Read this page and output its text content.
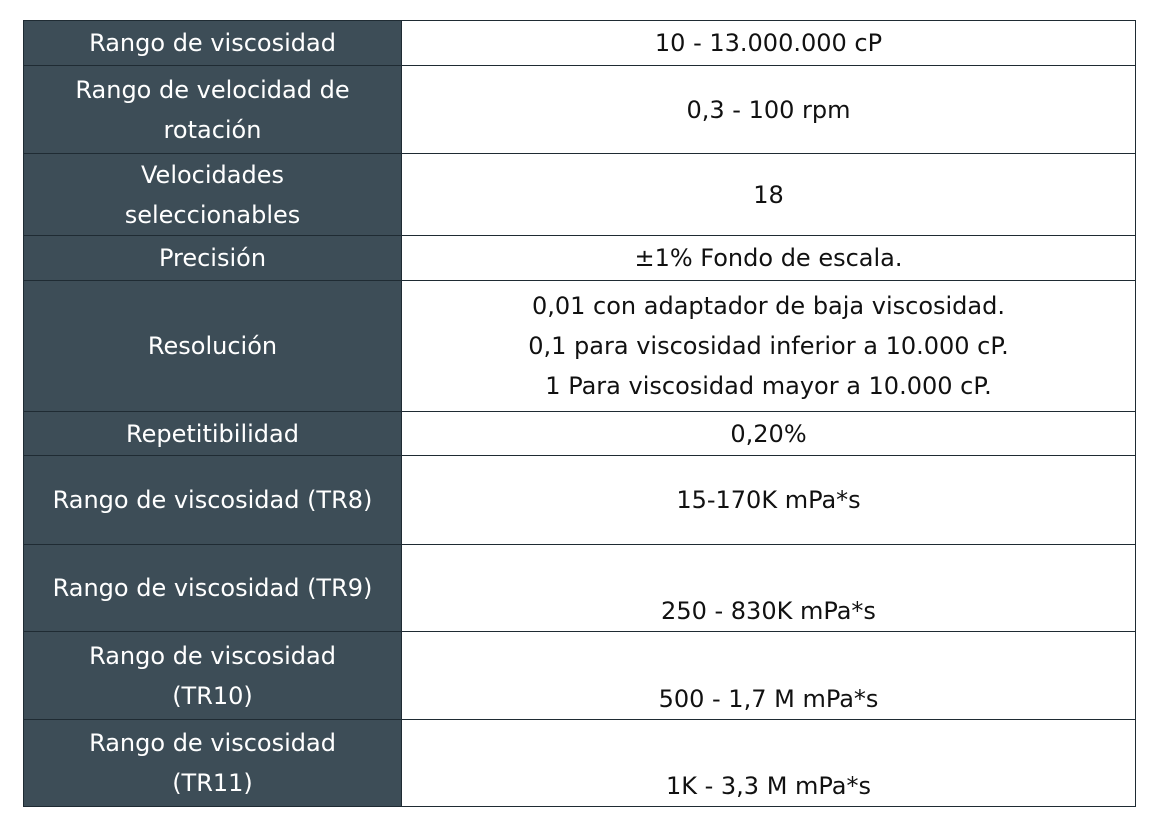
Rango de viscosidad	10 - 13.000.000 cP

Rango de velocidad de
rotación	0,3 - 100 rpm

Velocidades
seleccionables	18
Precisión	±1% Fondo de escala.
Resolución	0,01 con adaptador de baja viscosidad.
0,1 para viscosidad inferior a 10.000 cP.
1 Para viscosidad mayor a 10.000 cP.

Repetitibilidad	0,20%
Rango de viscosidad (TR8)	15-170K mPa*s
Rango de viscosidad (TR9)	250 - 830K mPa*s

Rango de viscosidad
(TR10)	500 - 1,7 M mPa*s

Rango de viscosidad
(TR11)	1K - 3,3 M mPa*s
